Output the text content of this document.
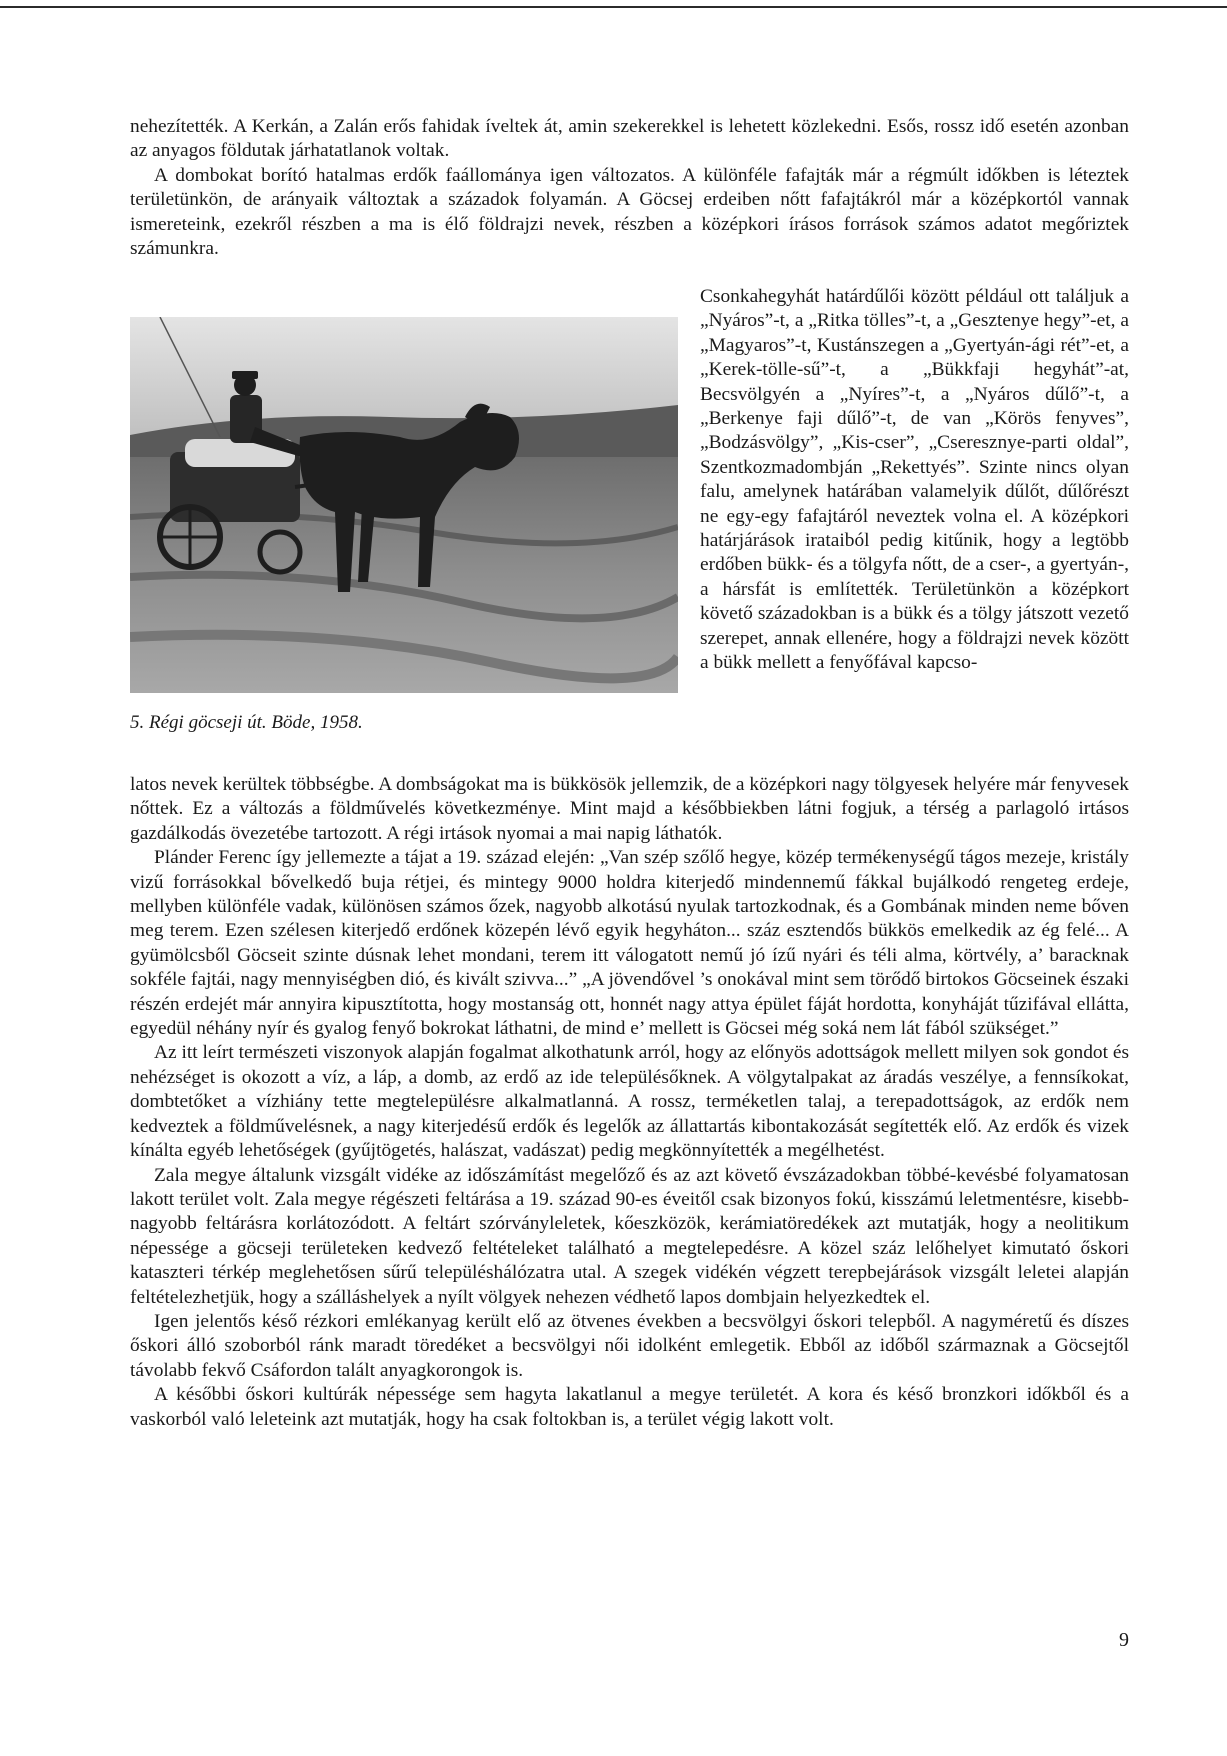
nehezítették. A Kerkán, a Zalán erős fahidak íveltek át, amin szekerekkel is lehetett közlekedni. Esős, rossz idő esetén azonban az anyagos földutak járhatatlanok voltak.

A dombokat borító hatalmas erdők faállománya igen változatos. A különféle fafajták már a régmúlt időkben is léteztek területünkön, de arányaik változtak a századok folyamán. A Göcsej erdeiben nőtt fafajtákról már a középkortól vannak ismereteink, ezekről részben a ma is élő földrajzi nevek, részben a középkori írásos források számos adatot megőriztek számunkra.

5. Régi göcseji út. Böde, 1958.

Csonkahegyhát határdűlői között például ott találjuk a „Nyáros”-t, a „Ritka tölles”-t, a „Gesztenye hegy”-et, a „Magyaros”-t, Kustánszegen a „Gyertyán-ági rét”-et, a „Kerek-tölle-sű”-t, a „Bükkfaji hegyhát”-at, Becsvölgyén a „Nyíres”-t, a „Nyáros dűlő”-t, a „Berkenye faji dűlő”-t, de van „Körös fenyves”, „Bodzásvölgy”, „Kis-cser”, „Cseresznye-parti oldal”, Szentkozmadombján „Rekettyés”. Szinte nincs olyan falu, amelynek határában valamelyik dűlőt, dűlőrészt ne egy-egy fafajtáról neveztek volna el. A középkori határjárások irataiból pedig kitűnik, hogy a legtöbb erdőben bükk- és a tölgyfa nőtt, de a cser-, a gyertyán-, a hársfát is említették. Területünkön a középkort követő századokban is a bükk és a tölgy játszott vezető szerepet, annak ellenére, hogy a földrajzi nevek között a bükk mellett a fenyőfával kapcso-

latos nevek kerültek többségbe. A dombságokat ma is bükkösök jellemzik, de a középkori nagy tölgyesek helyére már fenyvesek nőttek. Ez a változás a földművelés következménye. Mint majd a későbbiekben látni fogjuk, a térség a parlagoló irtásos gazdálkodás övezetébe tartozott. A régi irtások nyomai a mai napig láthatók.

Plánder Ferenc így jellemezte a tájat a 19. század elején: „Van szép szőlő hegye, közép termékenységű tágos mezeje, kristály vizű forrásokkal bővelkedő buja rétjei, és mintegy 9000 holdra kiterjedő mindennemű fákkal bujálkodó rengeteg erdeje, mellyben különféle vadak, különösen számos őzek, nagyobb alkotású nyulak tartozkodnak, és a Gombának minden neme bőven meg terem. Ezen szélesen kiterjedő erdőnek közepén lévő egyik hegyháton... száz esztendős bükkös emelkedik az ég felé... A gyümölcsből Göcseit szinte dúsnak lehet mondani, terem itt válogatott nemű jó ízű nyári és téli alma, körtvély, a’ baracknak sokféle fajtái, nagy mennyiségben dió, és kivált szivva...” „A jövendővel ’s onokával mint sem törődő birtokos Göcseinek északi részén erdejét már annyira kipusztította, hogy mostanság ott, honnét nagy attya épület fáját hordotta, konyháját tűzifával ellátta, egyedül néhány nyír és gyalog fenyő bokrokat láthatni, de mind e’ mellett is Göcsei még soká nem lát fából szükséget.”

Az itt leírt természeti viszonyok alapján fogalmat alkothatunk arról, hogy az előnyös adottságok mellett milyen sok gondot és nehézséget is okozott a víz, a láp, a domb, az erdő az ide településőknek. A völgytalpakat az áradás veszélye, a fennsíkokat, dombtetőket a vízhiány tette megtelepülésre alkalmatlanná. A rossz, terméketlen talaj, a terepadottságok, az erdők nem kedveztek a földművelésnek, a nagy kiterjedésű erdők és legelők az állattartás kibontakozását segítették elő. Az erdők és vizek kínálta egyéb lehetőségek (gyűjtögetés, halászat, vadászat) pedig megkönnyítették a megélhetést.

Zala megye általunk vizsgált vidéke az időszámítást megelőző és az azt követő évszázadokban többé-kevésbé folyamatosan lakott terület volt. Zala megye régészeti feltárása a 19. század 90-es éveitől csak bizonyos fokú, kisszámú leletmentésre, kisebb-nagyobb feltárásra korlátozódott. A feltárt szórványleletek, kőeszközök, kerámiatöredékek azt mutatják, hogy a neolitikum népessége a göcseji területeken kedvező feltételeket található a megtelepedésre. A közel száz lelőhelyet kimutató őskori kataszteri térkép meglehetősen sűrű településhálózatra utal. A szegek vidékén végzett terepbejárások vizsgált leletei alapján feltételezhetjük, hogy a szálláshelyek a nyílt völgyek nehezen védhető lapos dombjain helyezkedtek el.

Igen jelentős késő rézkori emlékanyag került elő az ötvenes években a becsvölgyi őskori telepből. A nagyméretű és díszes őskori álló szoborból ránk maradt töredéket a becsvölgyi női idolként emlegetik. Ebből az időből származnak a Göcsejtől távolabb fekvő Csáfordon talált anyagkorongok is.

A későbbi őskori kultúrák népessége sem hagyta lakatlanul a megye területét. A kora és késő bronzkori időkből és a vaskorból való leleteink azt mutatják, hogy ha csak foltokban is, a terület végig lakott volt.

9
